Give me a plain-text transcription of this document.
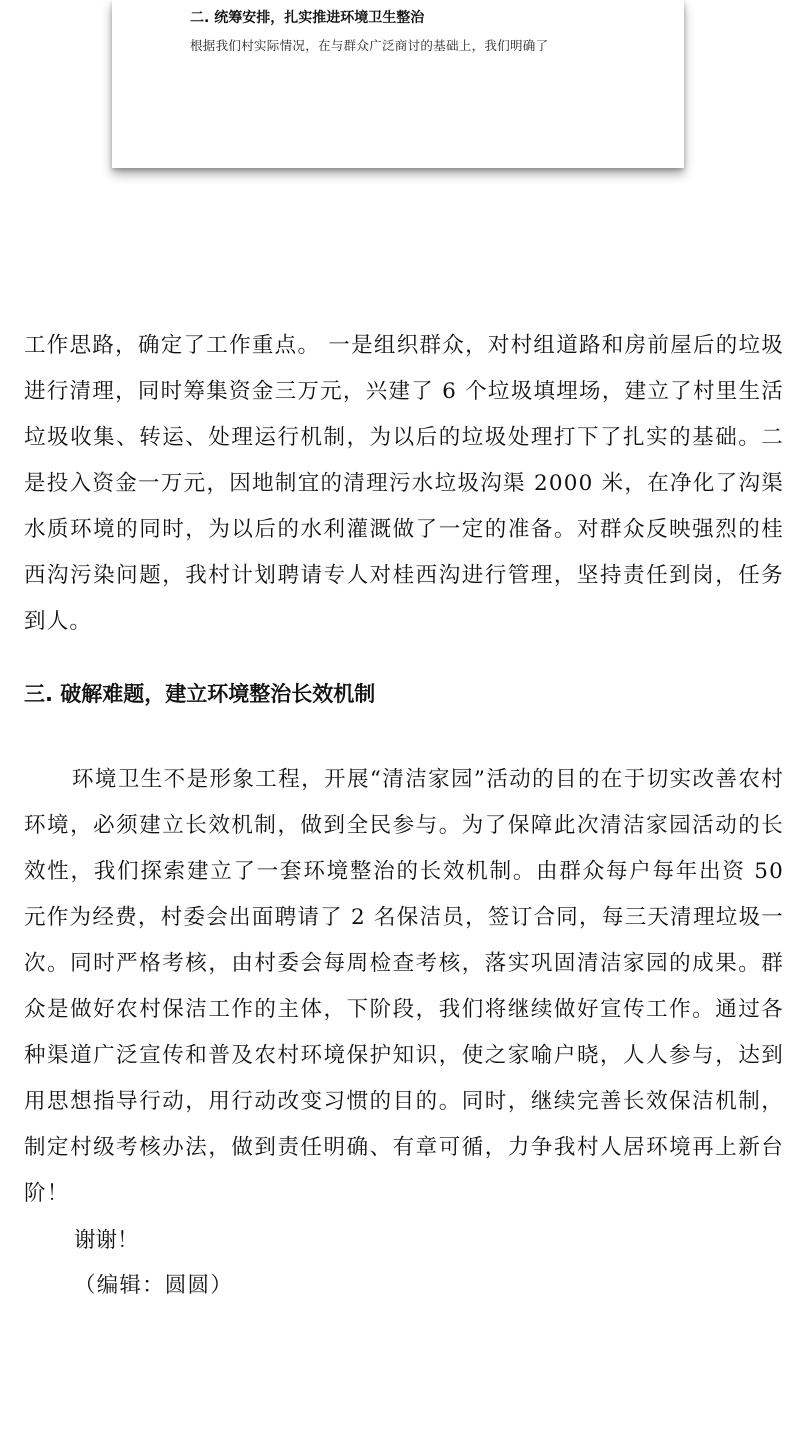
二. 统筹安排，扎实推进环境卫生整治
根据我们村实际情况，在与群众广泛商讨的基础上，我们明确了

工作思路，确定了工作重点。 一是组织群众，对村组道路和房前屋后的垃圾进行清理，同时筹集资金三万元，兴建了 6 个垃圾填埋场，建立了村里生活垃圾收集、转运、处理运行机制，为以后的垃圾处理打下了扎实的基础。二是投入资金一万元，因地制宜的清理污水垃圾沟渠 2000 米，在净化了沟渠水质环境的同时，为以后的水利灌溉做了一定的准备。对群众反映强烈的桂西沟污染问题，我村计划聘请专人对桂西沟进行管理，坚持责任到岗，任务到人。

三. 破解难题，建立环境整治长效机制

环境卫生不是形象工程，开展“清洁家园”活动的目的在于切实改善农村环境，必须建立长效机制，做到全民参与。为了保障此次清洁家园活动的长效性，我们探索建立了一套环境整治的长效机制。由群众每户每年出资 50 元作为经费，村委会出面聘请了 2 名保洁员，签订合同，每三天清理垃圾一次。同时严格考核，由村委会每周检查考核，落实巩固清洁家园的成果。群众是做好农村保洁工作的主体，下阶段，我们将继续做好宣传工作。通过各种渠道广泛宣传和普及农村环境保护知识，使之家喻户晓，人人参与，达到用思想指导行动，用行动改变习惯的目的。同时，继续完善长效保洁机制，制定村级考核办法，做到责任明确、有章可循，力争我村人居环境再上新台阶！

谢谢！

（编辑：圆圆）
